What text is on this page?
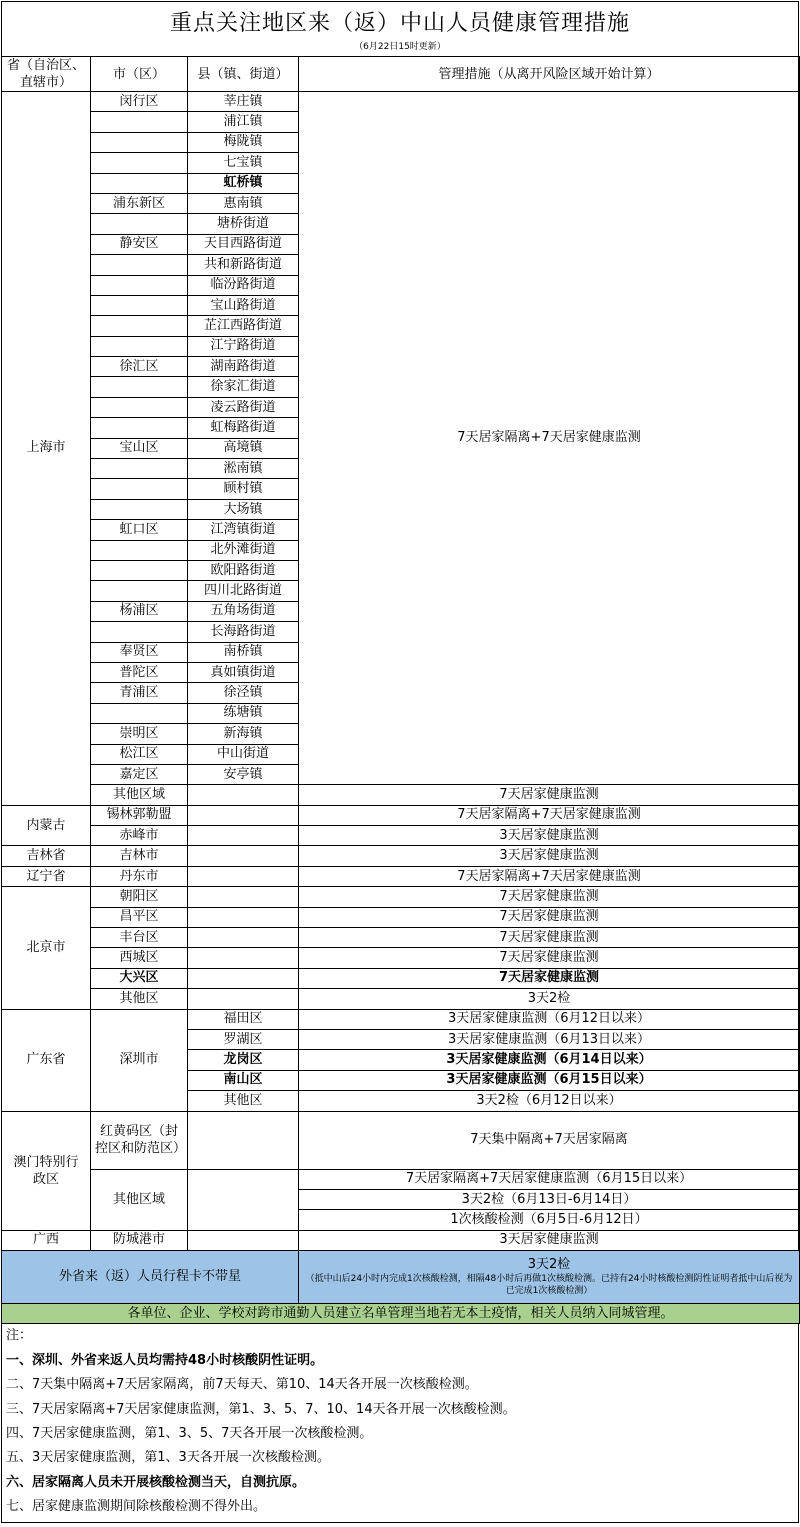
重点关注地区来（返）中山人员健康管理措施
（6月22日15时更新）
省（自治区、直辖市）	市（区）	县（镇、街道）	管理措施（从离开风险区域开始计算）
上海市	闵行区	莘庄镇	7天居家隔离+7天居家健康监测
		浦江镇	
		梅陇镇	
		七宝镇	
		虹桥镇	
	浦东新区	惠南镇	
		塘桥街道	
	静安区	天目西路街道	
		共和新路街道	
		临汾路街道	
		宝山路街道	
		芷江西路街道	
		江宁路街道	
	徐汇区	湖南路街道	
		徐家汇街道	
		凌云路街道	
		虹梅路街道	
	宝山区	高境镇	
		淞南镇	
		顾村镇	
		大场镇	
	虹口区	江湾镇街道	
		北外滩街道	
		欧阳路街道	
		四川北路街道	
	杨浦区	五角场街道	
		长海路街道	
	奉贤区	南桥镇	
	普陀区	真如镇街道	
	青浦区	徐泾镇	
		练塘镇	
	崇明区	新海镇	
	松江区	中山街道	
	嘉定区	安亭镇	
	其他区域		7天居家健康监测
内蒙古	锡林郭勒盟		7天居家隔离+7天居家健康监测
	赤峰市		3天居家健康监测
吉林省	吉林市		3天居家健康监测
辽宁省	丹东市		7天居家隔离+7天居家健康监测
北京市	朝阳区		7天居家健康监测
	昌平区		7天居家健康监测
	丰台区		7天居家健康监测
	西城区		7天居家健康监测
	大兴区		7天居家健康监测
	其他区		3天2检
广东省	深圳市	福田区	3天居家健康监测（6月12日以来）
		罗湖区	3天居家健康监测（6月13日以来）
		龙岗区	3天居家健康监测（6月14日以来）
		南山区	3天居家健康监测（6月15日以来）
		其他区	3天2检（6月12日以来）
澳门特别行政区	红黄码区（封控区和防范区）		7天集中隔离+7天居家隔离
	其他区域		7天居家隔离+7天居家健康监测（6月15日以来）
			3天2检（6月13日-6月14日）
			1次核酸检测（6月5日-6月12日）
广西	防城港市		3天居家健康监测
外省来（返）人员行程卡不带星			3天2检
（抵中山后24小时内完成1次核酸检测，相隔48小时后再做1次核酸检测。已持有24小时核酸检测阴性证明者抵中山后视为已完成1次核酸检测）

各单位、企业、学校对跨市通勤人员建立名单管理当地若无本土疫情，相关人员纳入同城管理。			
注：
一、深圳、外省来返人员均需持48小时核酸阴性证明。
二、7天集中隔离+7天居家隔离，前7天每天、第10、14天各开展一次核酸检测。
三、7天居家隔离+7天居家健康监测，第1、3、5、7、10、14天各开展一次核酸检测。
四、7天居家健康监测，第1、3、5、7天各开展一次核酸检测。
五、3天居家健康监测，第1、3天各开展一次核酸检测。
六、居家隔离人员未开展核酸检测当天，自测抗原。
七、居家健康监测期间除核酸检测不得外出。
